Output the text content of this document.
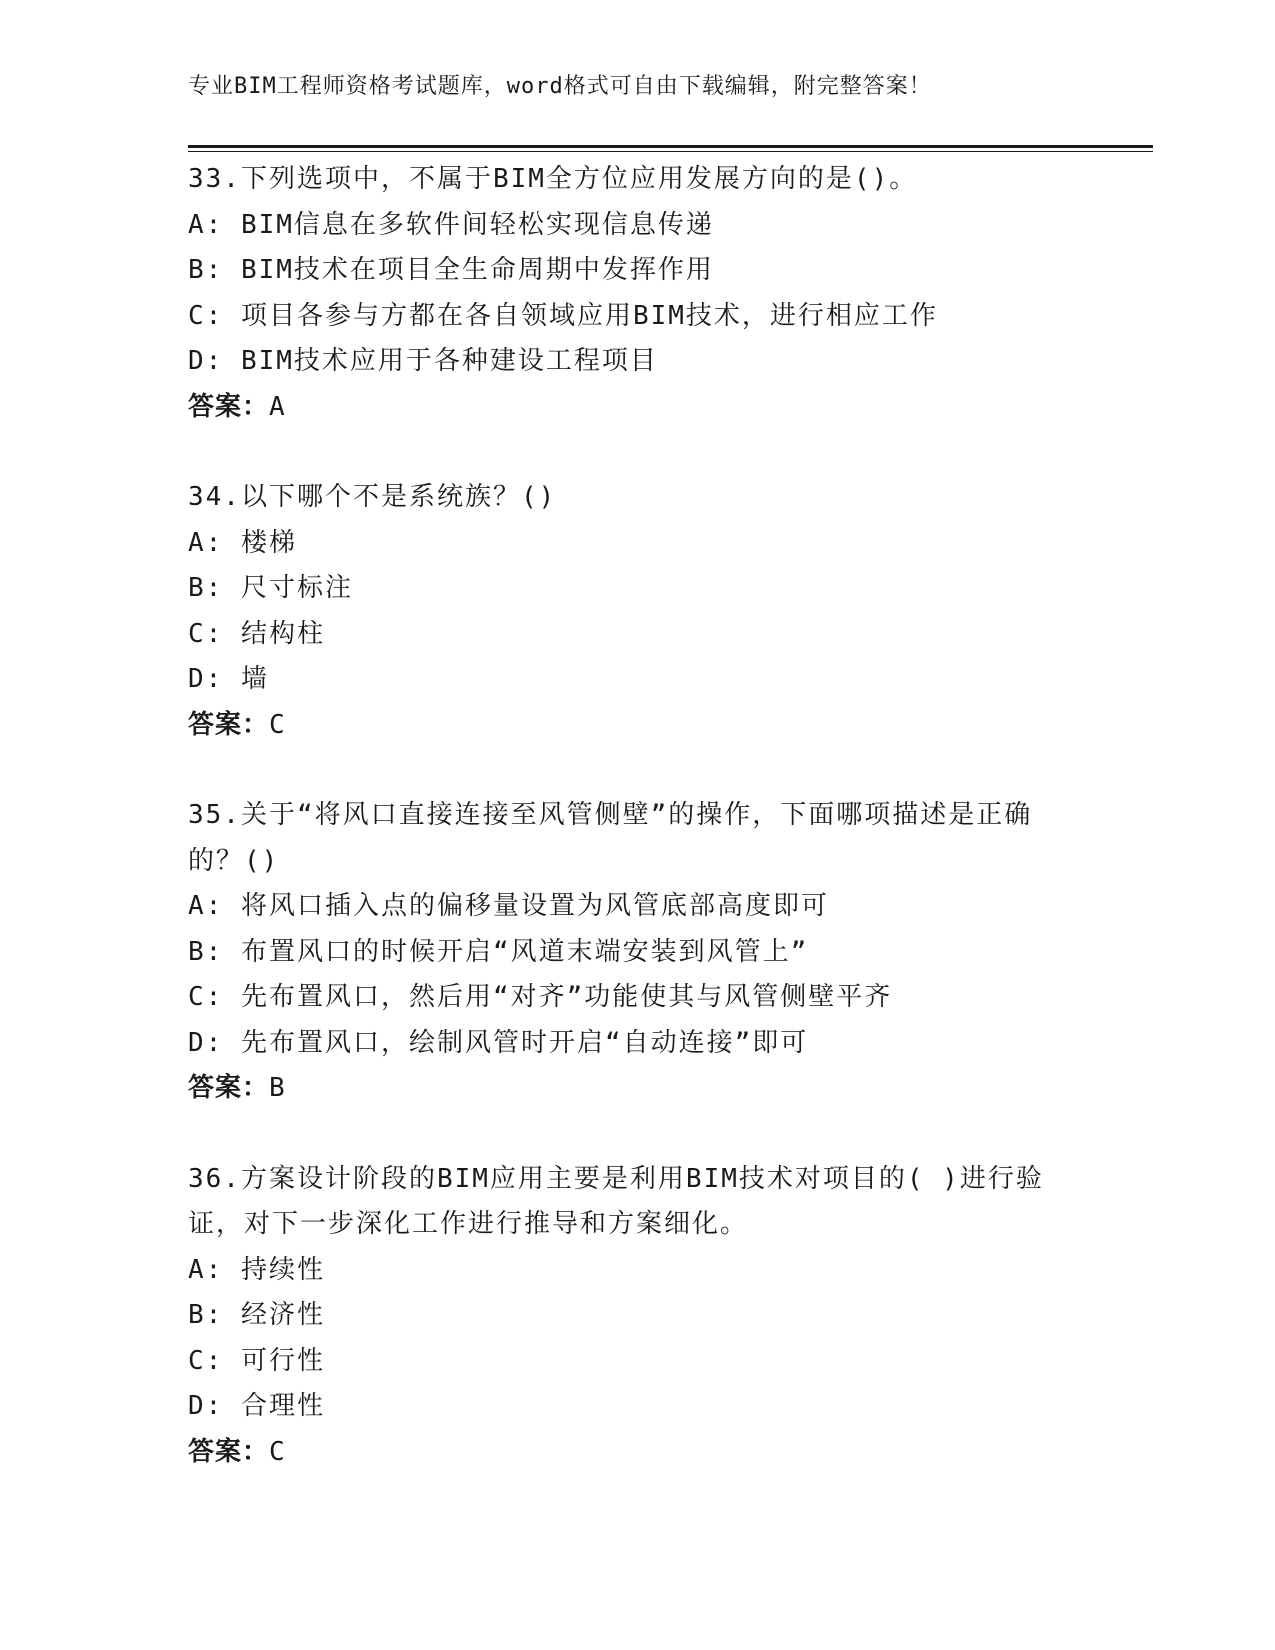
专业BIM工程师资格考试题库，word格式可自由下载编辑，附完整答案！
33.下列选项中，不属于BIM全方位应用发展方向的是()。
A: BIM信息在多软件间轻松实现信息传递
B: BIM技术在项目全生命周期中发挥作用
C: 项目各参与方都在各自领域应用BIM技术，进行相应工作
D: BIM技术应用于各种建设工程项目
答案：A
34.以下哪个不是系统族？()
A: 楼梯
B: 尺寸标注
C: 结构柱
D: 墙
答案：C
35.关于“将风口直接连接至风管侧壁”的操作，下面哪项描述是正确的？()
A: 将风口插入点的偏移量设置为风管底部高度即可
B: 布置风口的时候开启“风道末端安装到风管上”
C: 先布置风口，然后用“对齐”功能使其与风管侧壁平齐
D: 先布置风口，绘制风管时开启“自动连接”即可
答案：B
36.方案设计阶段的BIM应用主要是利用BIM技术对项目的( )进行验证，对下一步深化工作进行推导和方案细化。
A: 持续性
B: 经济性
C: 可行性
D: 合理性
答案：C
